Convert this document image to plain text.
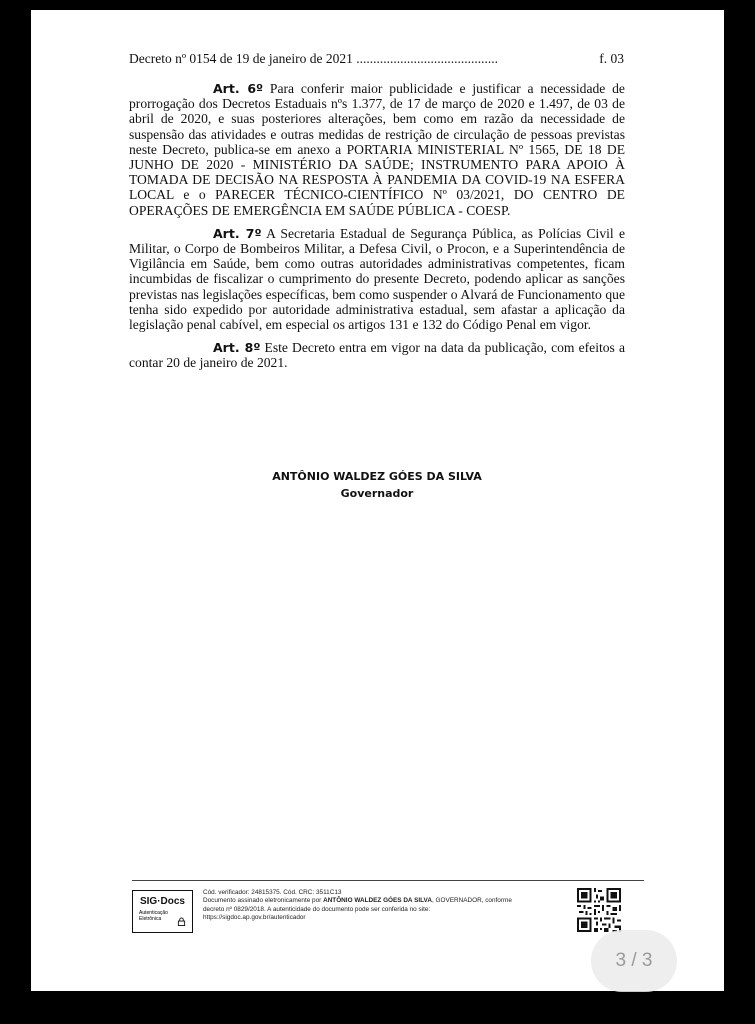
Decreto nº 0154 de 19 de janeiro de 2021 ..........................................	f. 03

Art. 6º Para conferir maior publicidade e justificar a necessidade de prorrogação dos Decretos Estaduais nºs 1.377, de 17 de março de 2020 e 1.497, de 03 de abril de 2020, e suas posteriores alterações, bem como em razão da necessidade de suspensão das atividades e outras medidas de restrição de circulação de pessoas previstas neste Decreto, publica-se em anexo a PORTARIA MINISTERIAL Nº 1565, DE 18 DE JUNHO DE 2020 - MINISTÉRIO DA SAÚDE; INSTRUMENTO PARA APOIO À TOMADA DE DECISÃO NA RESPOSTA À PANDEMIA DA COVID-19 NA ESFERA LOCAL e o PARECER TÉCNICO-CIENTÍFICO Nº 03/2021, DO CENTRO DE OPERAÇÕES DE EMERGÊNCIA EM SAÚDE PÚBLICA - COESP.

Art. 7º A Secretaria Estadual de Segurança Pública, as Polícias Civil e Militar, o Corpo de Bombeiros Militar, a Defesa Civil, o Procon, e a Superintendência de Vigilância em Saúde, bem como outras autoridades administrativas competentes, ficam incumbidas de fiscalizar o cumprimento do presente Decreto, podendo aplicar as sanções previstas nas legislações específicas, bem como suspender o Alvará de Funcionamento que tenha sido expedido por autoridade administrativa estadual, sem afastar a aplicação da legislação penal cabível, em especial os artigos 131 e 132 do Código Penal em vigor.

Art. 8º Este Decreto entra em vigor na data da publicação, com efeitos a contar 20 de janeiro de 2021.

ANTÔNIO WALDEZ GÓES DA SILVA
Governador
SIG·Docs
Autenticação
Eletrônica
Cód. verificador: 24815375. Cód. CRC: 3511C13
Documento assinado eletronicamente por ANTÔNIO WALDEZ GÓES DA SILVA, GOVERNADOR, conforme
decreto nº 0829/2018. A autenticidade do documento pode ser conferida no site:
https://sigdoc.ap.gov.br/autenticador
3 / 3
